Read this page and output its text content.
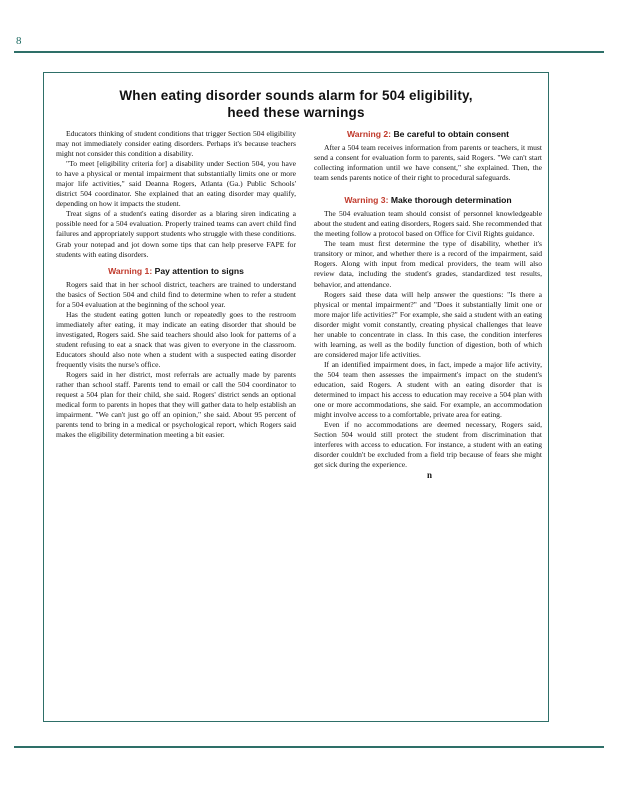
8
When eating disorder sounds alarm for 504 eligibility,
heed these warnings

Educators thinking of student conditions that trigger Section 504 eligibility may not immediately consider eating disorders. Perhaps it's because teachers might not consider this condition a disability.

"To meet [eligibility criteria for] a disability under Section 504, you have to have a physical or mental impairment that substantially limits one or more major life activities," said Deanna Rogers, Atlanta (Ga.) Public Schools' district 504 coordinator. She explained that an eating disorder may qualify, depending on how it impacts the student.

Treat signs of a student's eating disorder as a blaring siren indicating a possible need for a 504 evaluation. Properly trained teams can avert child find failures and appropriately support students who struggle with these conditions. Grab your notepad and jot down some tips that can help preserve FAPE for students with eating disorders.

Warning 1: Pay attention to signs

Rogers said that in her school district, teachers are trained to understand the basics of Section 504 and child find to determine when to refer a student for a 504 evaluation at the beginning of the school year.

Has the student eating gotten lunch or repeatedly goes to the restroom immediately after eating, it may indicate an eating disorder that should be investigated, Rogers said. She said teachers should also look for patterns of a student refusing to eat a snack that was given to everyone in the classroom. Educators should also note when a student with a suspected eating disorder frequently visits the nurse's office.

Rogers said in her district, most referrals are actually made by parents rather than school staff. Parents tend to email or call the 504 coordinator to request a 504 plan for their child, she said. Rogers' district sends an optional medical form to parents in hopes that they will gather data to help establish an impairment. "We can't just go off an opinion," she said. About 95 percent of parents tend to bring in a medical or psychological report, which Rogers said makes the eligibility determination meeting a bit easier.

Warning 2: Be careful to obtain consent

After a 504 team receives information from parents or teachers, it must send a consent for evaluation form to parents, said Rogers. "We can't start collecting information until we have consent," she explained. Then, the team sends parents notice of their right to procedural safeguards.

Warning 3: Make thorough determination

The 504 evaluation team should consist of personnel knowledgeable about the student and eating disorders, Rogers said. She recommended that the meeting follow a protocol based on Office for Civil Rights guidance.

The team must first determine the type of disability, whether it's transitory or minor, and whether there is a record of the impairment, said Rogers. Along with input from medical providers, the team will also review data, including the student's grades, standardized test results, behavior, and attendance.

Rogers said these data will help answer the questions: "Is there a physical or mental impairment?" and "Does it substantially limit one or more major life activities?" For example, she said a student with an eating disorder might vomit constantly, creating physical challenges that leave her unable to concentrate in class. In this case, the condition interferes with learning, as well as the bodily function of digestion, both of which are considered major life activities.

If an identified impairment does, in fact, impede a major life activity, the 504 team then assesses the impairment's impact on the student's education, said Rogers. A student with an eating disorder that is determined to impact his access to education may receive a 504 plan with one or more accommodations, she said. For example, an accommodation might involve access to a comfortable, private area for eating.

Even if no accommodations are deemed necessary, Rogers said, Section 504 would still protect the student from discrimination that interferes with access to education. For instance, a student with an eating disorder couldn't be excluded from a field trip because of fears she might get sick during the experience.

n
